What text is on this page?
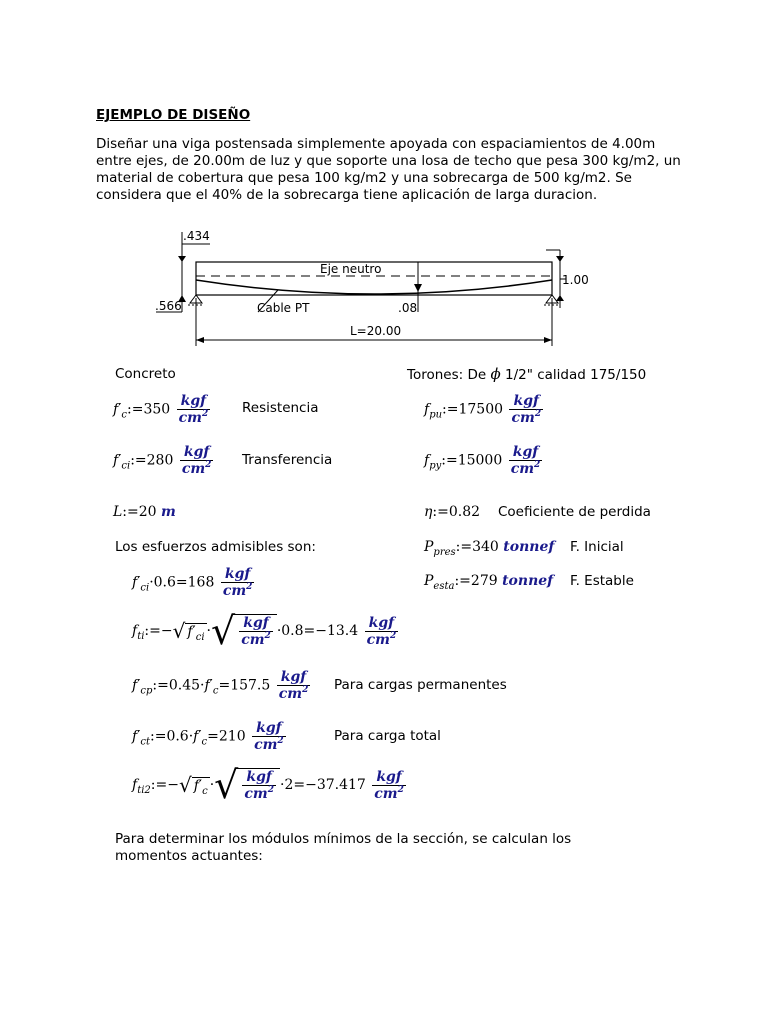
EJEMPLO DE DISEÑO
Diseñar una viga postensada simplemente apoyada con espaciamientos de 4.00m entre ejes, de 20.00m de luz y que soporte una losa de techo que pesa 300 kg/m2, un material de cobertura que pesa 100 kg/m2 y una sobrecarga de 500 kg/m2. Se considera que el 40% de la sobrecarga tiene aplicación de larga duracion.
Eje neutro
Cable PT	.08
.434
.566
1.00
L=20.00
Concreto
$f'_c:=350 \frac{\text{kgf}}{cm^2}$ Resistencia
$f'_{ci}:=280 \frac{\text{kgf}}{cm^2}$ Transferencia
L:=20 m
Torones: De ϕ 1/2" calidad 175/150
$f_{pu}:=17500 \frac{\text{kgf}}{cm^2}$
$f_{py}:=15000 \frac{\text{kgf}}{cm^2}$
η:=0.82 Coeficiente de perdida
$P_{pres}:=340$ tonnef F. Inicial
$P_{esta}:=279$ tonnef F. Estable
Los esfuerzos admisibles son:
$f'_{ci}\cdot 0.6=168 \frac{\text{kgf}}{cm^2}$
$f_{ti}:=-√$ $f'_{ci}$ ·√ $\frac{\text{kgf}}{cm^2} \cdot 0.8=-13.4 \frac{\text{kgf}}{cm^2}$
$f'_{cp}:=0.45\cdot f'_c=157.5 \frac{\text{kgf}}{cm^2}$ Para cargas permanentes
$f'_{ct}:=0.6\cdot f'_c=210 \frac{\text{kgf}}{cm^2}$	Para carga total
$f_{ti2}:=-√$ $f'_c$ ·√ $\frac{\text{kgf}}{cm^2} \cdot 2=-37.417 \frac{\text{kgf}}{cm^2}$
Para determinar los módulos mínimos de la sección, se calculan los momentos actuantes:
